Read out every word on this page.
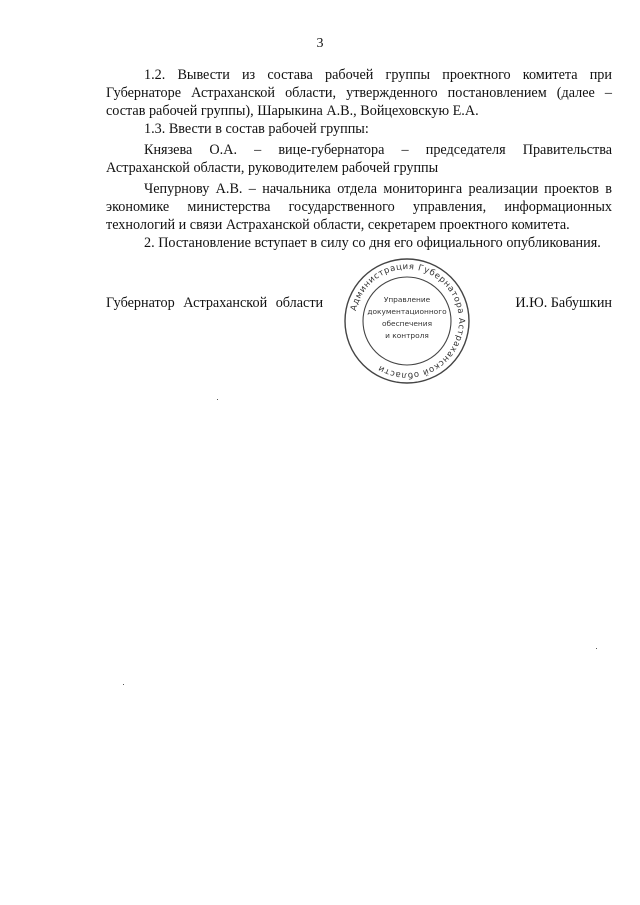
3

1.2. Вывести из состава рабочей группы проектного комитета при Губернаторе Астраханской области, утвержденного постановлением (далее – состав рабочей группы), Шарыкина А.В., Войцеховскую Е.А.

1.3. Ввести в состав рабочей группы:

Князева О.А. – вице-губернатора – председателя Правительства Астраханской области, руководителем рабочей группы

Чепурнову А.В. – начальника отдела мониторинга реализации проектов в экономике министерства государственного управления, информационных технологий и связи Астраханской области, секретарем проектного комитета.

2. Постановление вступает в силу со дня его официального опубликования.

Губернатор Астраханской области	И.Ю. Бабушкин
Администрация Губернатора Астраханской области
Управление
документационного
обеспечения
и контроля
